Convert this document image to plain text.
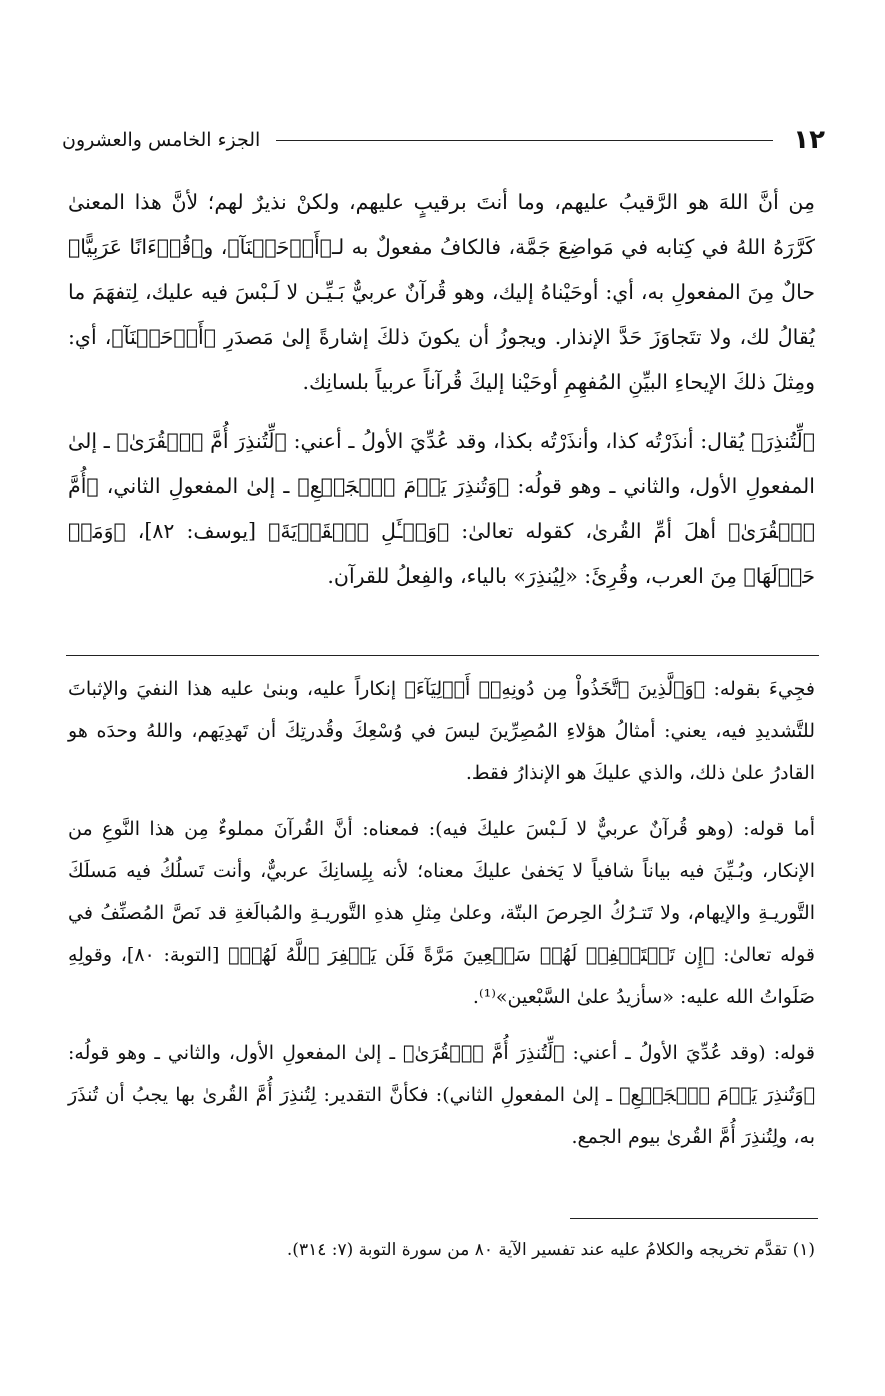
١٢
الجزء الخامس والعشرون

مِن أنَّ اللهَ هو الرَّقيبُ عليهم، وما أنتَ برقيبٍ عليهم، ولكنْ نذيرٌ لهم؛ لأنَّ هذا المعنىٰ كَرَّرَهُ اللهُ في كِتابه في مَواضِعَ جَمَّة، فالكافُ مفعولٌ به لـ﴿أَوۡحَيۡنَآ﴾، و﴿قُرۡءَانًا عَرَبِيًّا﴾ حالٌ مِنَ المفعولِ به، أي: أوحَيْناهُ إليك، وهو قُرآنٌ عربيٌّ بَـيِّـن لا لَـبْسَ فيه عليك، لِتفهَمَ ما يُقالُ لك، ولا تتَجاوَزَ حَدَّ الإنذار. ويجوزُ أن يكونَ ذلكَ إشارةً إلىٰ مَصدَرِ ﴿أَوۡحَيۡنَآ﴾، أي: ومِثلَ ذلكَ الإيحاءِ البيِّنِ المُفهِمِ أوحَيْنا إليكَ قُرآناً عربياً بلسانِك.

﴿لِّتُنذِرَ﴾ يُقال: أنذَرْتُه كذا، وأنذَرْتُه بكذا، وقد عُدِّيَ الأولُ ـ أعني: ﴿لِّتُنذِرَ أُمَّ ٱلۡقُرَىٰ﴾ ـ إلىٰ المفعولِ الأول، والثاني ـ وهو قولُه: ﴿وَتُنذِرَ يَوۡمَ ٱلۡجَمۡعِ﴾ ـ إلىٰ المفعولِ الثاني، ﴿أُمَّ ٱلۡقُرَىٰ﴾ أهلَ أمِّ القُرىٰ، كقوله تعالىٰ: ﴿وَسۡـَٔلِ ٱلۡقَرۡيَةَ﴾ [يوسف: ٨٢]، ﴿وَمَنۡ حَوۡلَهَا﴾ مِنَ العرب، وقُرِئَ: «لِيُنذِرَ» بالياء، والفِعلُ للقرآن.

فجِيءَ بقوله: ﴿وَٱلَّذِينَ ٱتَّخَذُواْ مِن دُونِهِۦٓ أَوۡلِيَآءَ﴾ إنكاراً عليه، وبنىٰ عليه هذا النفيَ والإثباتَ للتَّشديدِ فيه، يعني: أمثالُ هؤلاءِ المُصِرِّينَ ليسَ في وُسْعِكَ وقُدرتِكَ أن تَهدِيَهم، واللهُ وحدَه هو القادرُ علىٰ ذلك، والذي عليكَ هو الإنذارُ فقط.

أما قوله: (وهو قُرآنٌ عربيٌّ لا لَـبْسَ عليكَ فيه): فمعناه: أنَّ القُرآنَ مملوءٌ مِن هذا النَّوعِ من الإنكار، وبُـيِّنَ فيه بياناً شافياً لا يَخفىٰ عليكَ معناه؛ لأنه بِلِسانِكَ عربيٌّ، وأنت تَسلُكُ فيه مَسلَكَ التَّوريـةِ والإيهام، ولا تَتـرُكُ الحِرصَ البتّة، وعلىٰ مِثلِ هذهِ التَّوريـةِ والمُبالَغةِ قد نَصَّ المُصنِّفُ في قوله تعالىٰ: ﴿إِن تَسۡتَغۡفِرۡ لَهُمۡ سَبۡعِينَ مَرَّةً فَلَن يَغۡفِرَ ٱللَّهُ لَهُمۡ﴾ [التوبة: ٨٠]، وقولِهِ صَلَواتُ الله عليه: «سأزيدُ علىٰ السَّبْعين»⁽¹⁾.

قوله: (وقد عُدِّيَ الأولُ ـ أعني: ﴿لِّتُنذِرَ أُمَّ ٱلۡقُرَىٰ﴾ ـ إلىٰ المفعولِ الأول، والثاني ـ وهو قولُه: ﴿وَتُنذِرَ يَوۡمَ ٱلۡجَمۡعِ﴾ ـ إلىٰ المفعولِ الثاني): فكأنَّ التقدير: لِتُنذِرَ أُمَّ القُرىٰ بها يجبُ أن تُنذَرَ به، ولِتُنذِرَ أُمَّ القُرىٰ بيوم الجمع.

(١) تقدَّم تخريجه والكلامُ عليه عند تفسير الآية ٨٠ من سورة التوبة (٧: ٣١٤).
